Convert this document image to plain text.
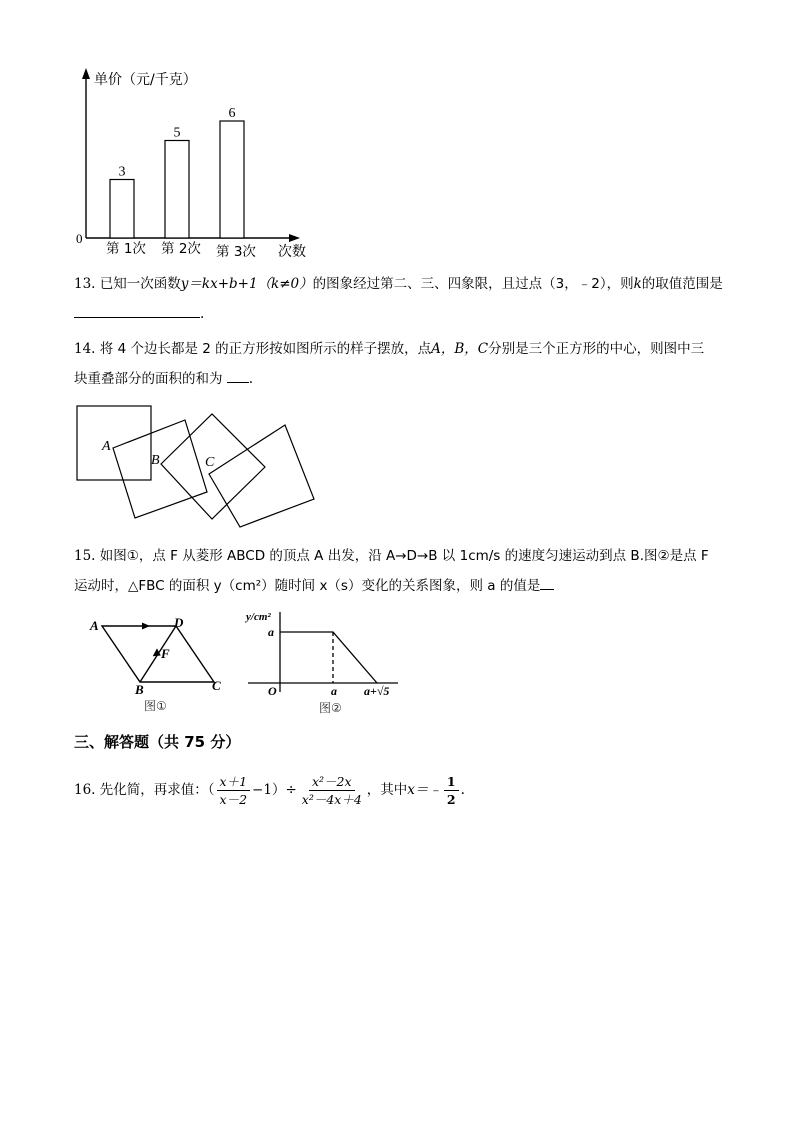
单价（元/千克）
0
次数
3
第 1次
5
第 2次
6
第 3次
13. 已知一次函数y＝kx+b+1（k≠0）的图象经过第二、三、四象限，且过点（3，﹣2），则k的取值范围是
.
14. 将 4 个边长都是 2 的正方形按如图所示的样子摆放，点A，B，C分别是三个正方形的中心，则图中三
块重叠部分的面积的和为 .
A
B	C
15. 如图①，点 F 从菱形 ABCD 的顶点 A 出发，沿 A→D→B 以 1cm/s 的速度匀速运动到点 B.图②是点 F
运动时，△FBC 的面积 y（cm²）随时间 x（s）变化的关系图象，则 a 的值是
A	D
F
B	C
图①
y/cm²
a
O	a a+√5
图②
三、解答题（共 75 分）
16.
先化简，再求值：（ $\frac{x+1}{x-2} -1)\div \frac{\text{x²－2x}}{\text{x²－4x＋4}}$ ，其中 x＝﹣ $\frac{1}{2}$ .
